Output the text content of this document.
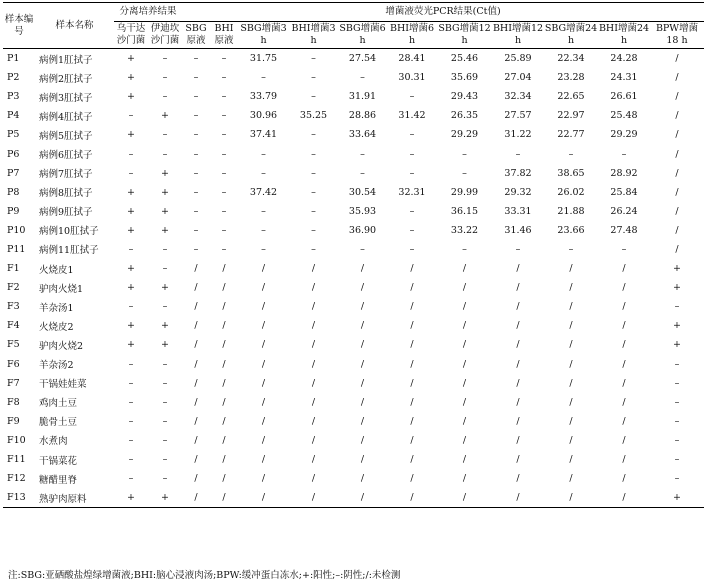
样本编号	样本名称	分离培养结果		增菌液荧光PCR结果(Ct值)										
		乌干达沙门菌	伊迪坎沙门菌	SBG原液	BHI原液	SBG增菌3 h	BHI增菌3 h	SBG增菌6 h	BHI增菌6 h	SBG增菌12 h	BHI增菌12 h	SBG增菌24 h	BHI增菌24 h	BPW增菌18 h
P1	病例1肛拭子	+	–	–	–	31.75	–	27.54	28.41	25.46	25.89	22.34	24.28	/
P2	病例2肛拭子	+	–	–	–	–	–	–	30.31	35.69	27.04	23.28	24.31	/
P3	病例3肛拭子	+	–	–	–	33.79	–	31.91	–	29.43	32.34	22.65	26.61	/
P4	病例4肛拭子	–	+	–	–	30.96	35.25	28.86	31.42	26.35	27.57	22.97	25.48	/
P5	病例5肛拭子	+	–	–	–	37.41	–	33.64	–	29.29	31.22	22.77	29.29	/
P6	病例6肛拭子	–	–	–	–	–	–	–	–	–	–	–	–	/
P7	病例7肛拭子	–	+	–	–	–	–	–	–	–	37.82	38.65	28.92	/
P8	病例8肛拭子	+	+	–	–	37.42	–	30.54	32.31	29.99	29.32	26.02	25.84	/
P9	病例9肛拭子	+	+	–	–	–	–	35.93	–	36.15	33.31	21.88	26.24	/
P10	病例10肛拭子	+	+	–	–	–	–	36.90	–	33.22	31.46	23.66	27.48	/
P11	病例11肛拭子	–	–	–	–	–	–	–	–	–	–	–	–	/
F1	火烧皮1	+	–	/	/	/	/	/	/	/	/	/	/	+
F2	驴肉火烧1	+	+	/	/	/	/	/	/	/	/	/	/	+
F3	羊杂汤1	–	–	/	/	/	/	/	/	/	/	/	/	–
F4	火烧皮2	+	+	/	/	/	/	/	/	/	/	/	/	+
F5	驴肉火烧2	+	+	/	/	/	/	/	/	/	/	/	/	+
F6	羊杂汤2	–	–	/	/	/	/	/	/	/	/	/	/	–
F7	干锅娃娃菜	–	–	/	/	/	/	/	/	/	/	/	/	–
F8	鸡肉土豆	–	–	/	/	/	/	/	/	/	/	/	/	–
F9	脆骨土豆	–	–	/	/	/	/	/	/	/	/	/	/	–
F10	水煮肉	–	–	/	/	/	/	/	/	/	/	/	/	–
F11	干锅菜花	–	–	/	/	/	/	/	/	/	/	/	/	–
F12	糖醋里脊	–	–	/	/	/	/	/	/	/	/	/	/	–
F13	熟驴肉原料	+	+	/	/	/	/	/	/	/	/	/	/	+
注:SBG:亚硒酸盐煌绿增菌液;BHI:脑心浸液肉汤;BPW:缓冲蛋白冻水;+:阳性;–:阴性;/:未检测
